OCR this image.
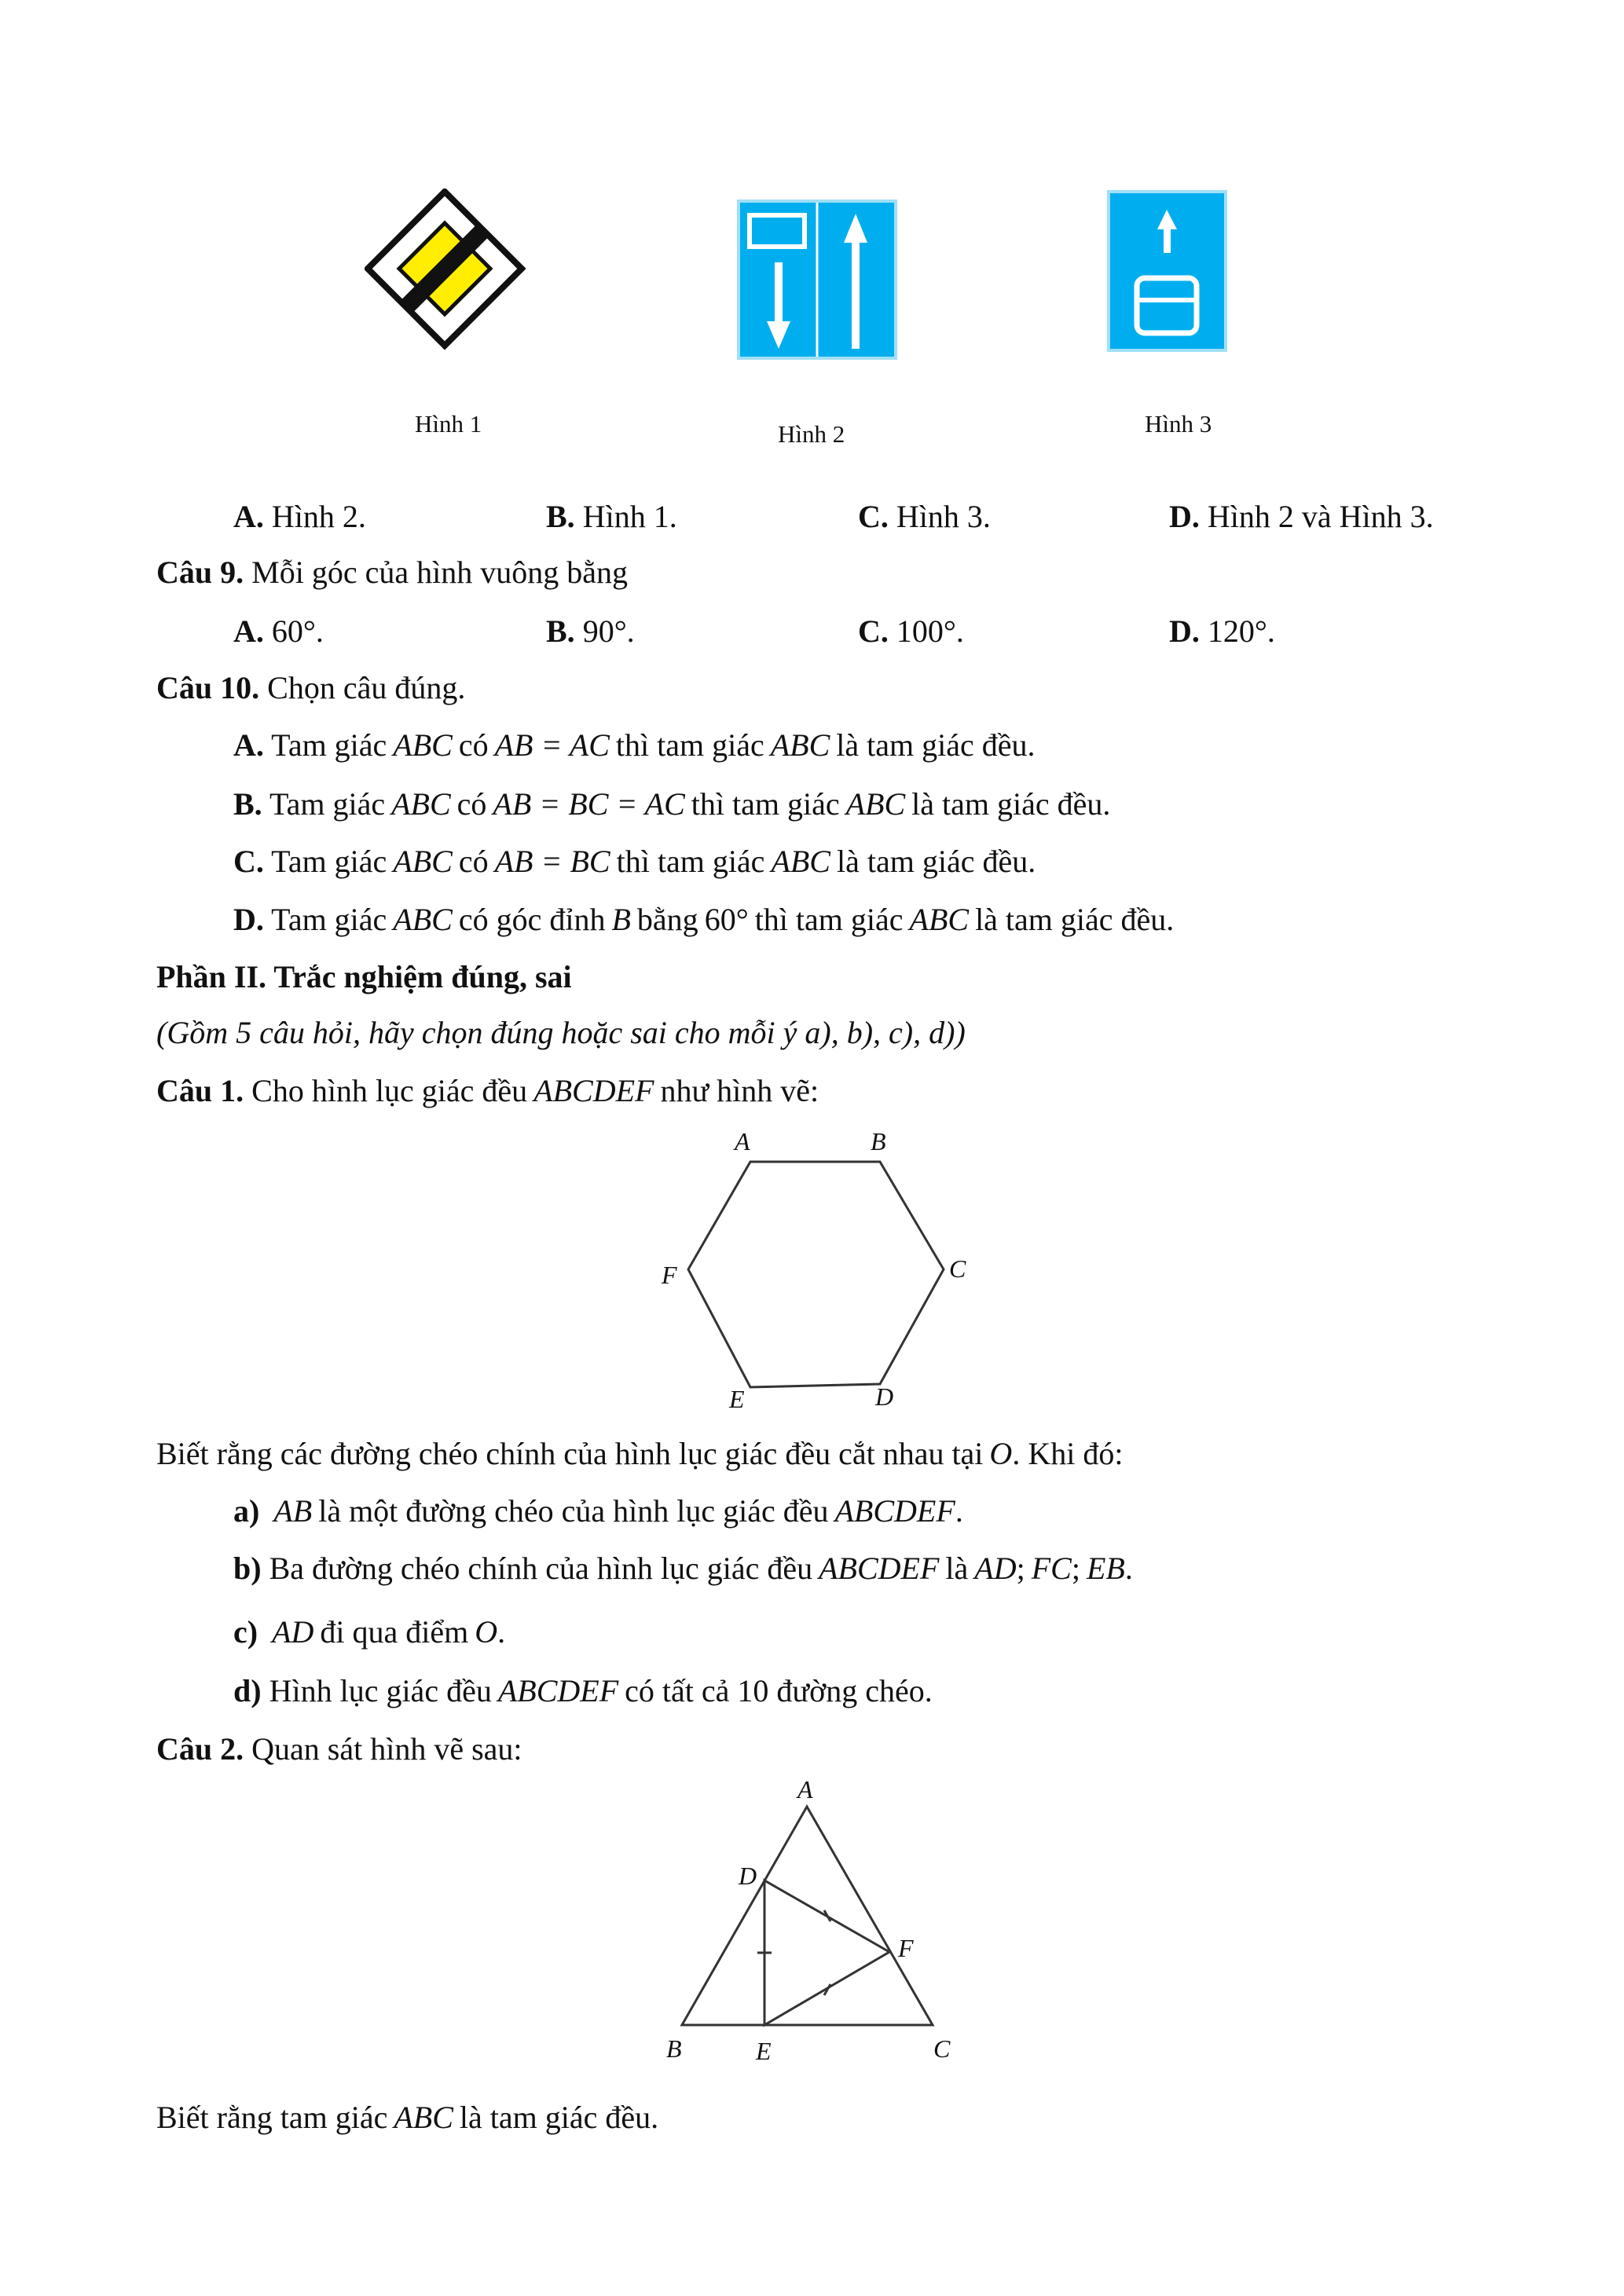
Hình 1	Hình 2	Hình 3
A. Hình 2.	B. Hình 1.	C. Hình 3.	D. Hình 2 và Hình 3.
Câu 9. Mỗi góc của hình vuông bằng
A. 60°.	B. 90°.	C. 100°.	D. 120°.
Câu 10. Chọn câu đúng.
A. Tam giác ABC có AB = AC thì tam giác ABC là tam giác đều.
B. Tam giác ABC có AB = BC = AC thì tam giác ABC là tam giác đều.
C. Tam giác ABC có AB = BC thì tam giác ABC là tam giác đều.
D. Tam giác ABC có góc đỉnh B bằng 60° thì tam giác ABC là tam giác đều.
Phần II. Trắc nghiệm đúng, sai
(Gồm 5 câu hỏi, hãy chọn đúng hoặc sai cho mỗi ý a), b), c), d))
Câu 1. Cho hình lục giác đều ABCDEF như hình vẽ:
A	B
C
D
E
F
Biết rằng các đường chéo chính của hình lục giác đều cắt nhau tại O. Khi đó:
a) AB là một đường chéo của hình lục giác đều ABCDEF.
b) Ba đường chéo chính của hình lục giác đều ABCDEF là AD; FC; EB.
c) AD đi qua điểm O.
d) Hình lục giác đều ABCDEF có tất cả 10 đường chéo.
Câu 2. Quan sát hình vẽ sau:
A
B	C
D
E
F
Biết rằng tam giác ABC là tam giác đều.
